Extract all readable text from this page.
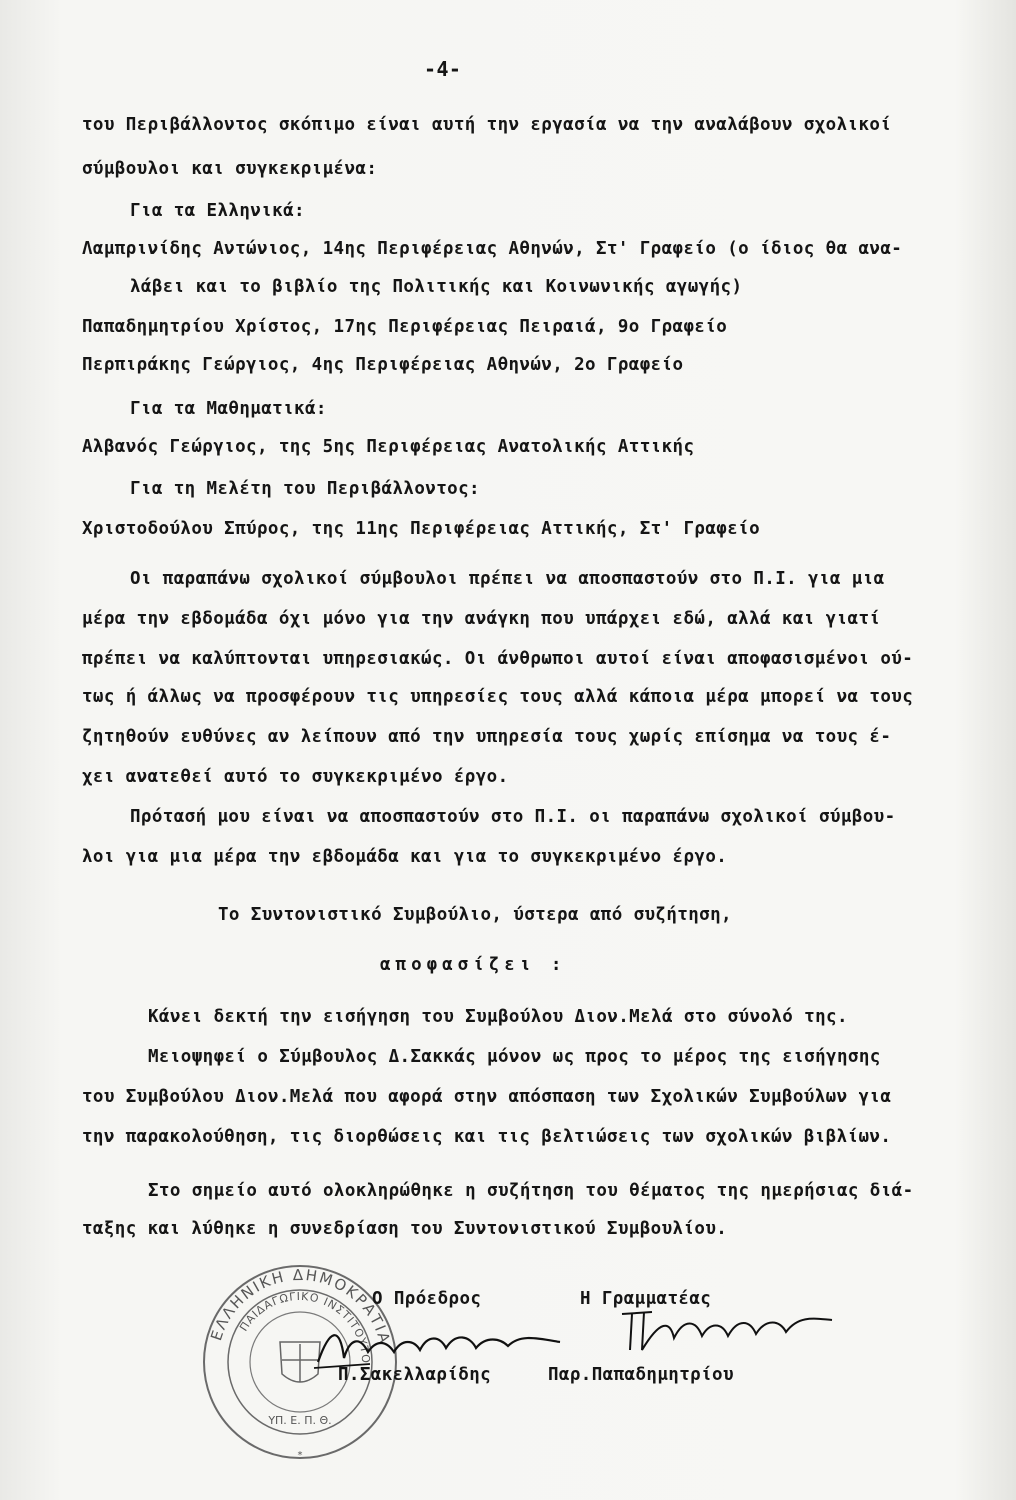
-4-
του Περιβάλλοντος σκόπιμο είναι αυτή την εργασία να την αναλάβουν σχολικοί
σύμβουλοι και συγκεκριμένα:
Για τα Ελληνικά:
Λαμπρινίδης Αντώνιος, 14ης Περιφέρειας Αθηνών, Στ' Γραφείο (ο ίδιος θα ανα-
λάβει και το βιβλίο της Πολιτικής και Κοινωνικής αγωγής)
Παπαδημητρίου Χρίστος, 17ης Περιφέρειας Πειραιά, 9ο Γραφείο
Περπιράκης Γεώργιος, 4ης Περιφέρειας Αθηνών, 2ο Γραφείο
Για τα Μαθηματικά:
Αλβανός Γεώργιος, της 5ης Περιφέρειας Ανατολικής Αττικής
Για τη Μελέτη του Περιβάλλοντος:
Χριστοδούλου Σπύρος, της 11ης Περιφέρειας Αττικής, Στ' Γραφείο
Οι παραπάνω σχολικοί σύμβουλοι πρέπει να αποσπαστούν στο Π.Ι. για μια
μέρα την εβδομάδα όχι μόνο για την ανάγκη που υπάρχει εδώ, αλλά και γιατί
πρέπει να καλύπτονται υπηρεσιακώς. Οι άνθρωποι αυτοί είναι αποφασισμένοι ού-
τως ή άλλως να προσφέρουν τις υπηρεσίες τους αλλά κάποια μέρα μπορεί να τους
ζητηθούν ευθύνες αν λείπουν από την υπηρεσία τους χωρίς επίσημα να τους έ-
χει ανατεθεί αυτό το συγκεκριμένο έργο.
Πρότασή μου είναι να αποσπαστούν στο Π.Ι. οι παραπάνω σχολικοί σύμβου-
λοι για μια μέρα την εβδομάδα και για το συγκεκριμένο έργο.
Το Συντονιστικό Συμβούλιο, ύστερα από συζήτηση,
αποφασίζει :
Κάνει δεκτή την εισήγηση του Συμβούλου Διον.Μελά στο σύνολό της.
Μειοψηφεί ο Σύμβουλος Δ.Σακκάς μόνον ως προς το μέρος της εισήγησης
του Συμβούλου Διον.Μελά που αφορά στην απόσπαση των Σχολικών Συμβούλων για
την παρακολούθηση, τις διορθώσεις και τις βελτιώσεις των σχολικών βιβλίων.
Στο σημείο αυτό ολοκληρώθηκε η συζήτηση του θέματος της ημερήσιας διά-
ταξης και λύθηκε η συνεδρίαση του Συντονιστικού Συμβουλίου.
ΕΛΛΗΝΙΚΗ ΔΗΜΟΚΡΑΤΙΑ
ΠΑΙΔΑΓΩΓΙΚΟ ΙΝΣΤΙΤΟΥΤΟ
ΥΠ. Ε. Π. Θ.
*
Ο Πρόεδρος	Η Γραμματέας
Π.Σακελλαρίδης	Παρ.Παπαδημητρίου
